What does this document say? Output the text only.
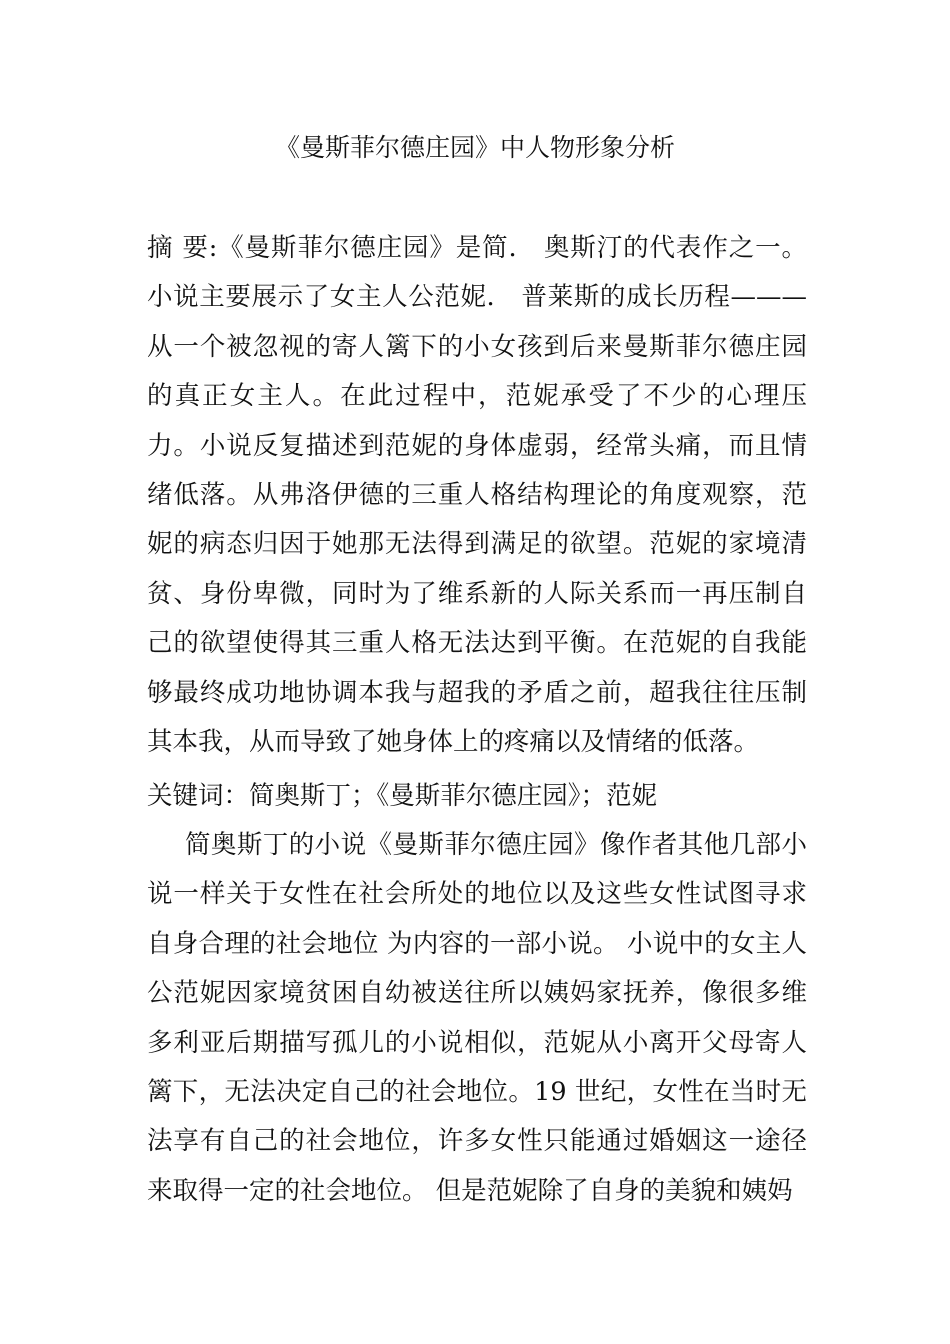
《曼斯菲尔德庄园》中人物形象分析

摘 要:《曼斯菲尔德庄园》是简． 奥斯汀的代表作之一。小说主要展示了女主人公范妮． 普莱斯的成长历程———从一个被忽视的寄人篱下的小女孩到后来曼斯菲尔德庄园的真正女主人。在此过程中，范妮承受了不少的心理压力。小说反复描述到范妮的身体虚弱，经常头痛，而且情绪低落。从弗洛伊德的三重人格结构理论的角度观察，范妮的病态归因于她那无法得到满足的欲望。范妮的家境清贫、身份卑微，同时为了维系新的人际关系而一再压制自己的欲望使得其三重人格无法达到平衡。在范妮的自我能够最终成功地协调本我与超我的矛盾之前，超我往往压制其本我，从而导致了她身体上的疼痛以及情绪的低落。

关键词：简奥斯丁；《曼斯菲尔德庄园》；范妮

简奥斯丁的小说《曼斯菲尔德庄园》像作者其他几部小说一样关于女性在社会所处的地位以及这些女性试图寻求自身合理的社会地位 为内容的一部小说。 小说中的女主人公范妮因家境贫困自幼被送往所以姨妈家抚养，像很多维多利亚后期描写孤儿的小说相似，范妮从小离开父母寄人篱下，无法决定自己的社会地位。19 世纪，女性在当时无法享有自己的社会地位，许多女性只能通过婚姻这一途径来取得一定的社会地位。 但是范妮除了自身的美貌和姨妈
